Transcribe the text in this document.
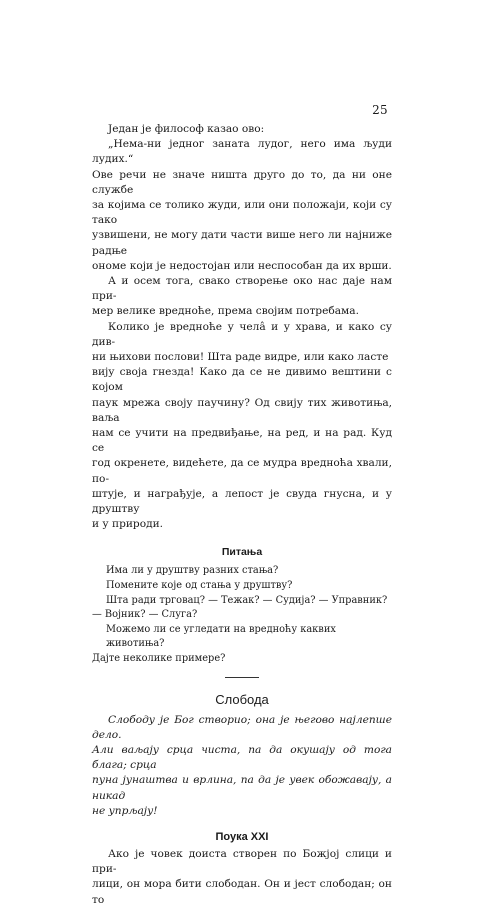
25

Један је философ казао ово:

„Нема-ни једног заната лудог, него има људи лудих.“
Ове речи не значе ништа друго до то, да ни оне службе
за којима се толико жуди, или они положаји, који су тако
узвишени, не могу дати части више него ли најниже радње
ономе који је недостојан или неспособан да их врши.

А и осем тога, свако створење око нас даје нам при-
мер велике вредноће, према својим потребама.

Колико је вредноће у челâ и у храва, и како су див-
ни њихови послови! Шта раде видре, или како ласте
вију своја гнезда! Како да се не дивимо вештини с којом
паук мрежа своју паучину? Од свију тих животиња, ваља
нам се учити на предвиђање, на ред, и на рад. Куд се
год окренете, видећете, да се мудра вредноћа хвали, по-
штује, и награђује, а лепост је свуда гнусна, и у друштву
и у природи.

Питања
Има ли у друштву разних стања?
Помените које од стања у друштву?
Шта ради трговац? — Тежак? — Судија? — Управник?
— Војник? — Слуга?
Можемо ли се угледати на вредноћу каквих животиња?
Дајте неколике примере?
Слобода

Слободу је Бог створио; она је његово најлепше дело.
Али ваљају срца чиста, па да окушају од тога блага; срца
пуна јунаштва и врлина, па да је увек обожавају, а никад
не упрљају!

Поука XXI

Ако је човек доиста створен по Божјој слици и при-
лици, он мора бити слободан. Он и јест слободан; он то
